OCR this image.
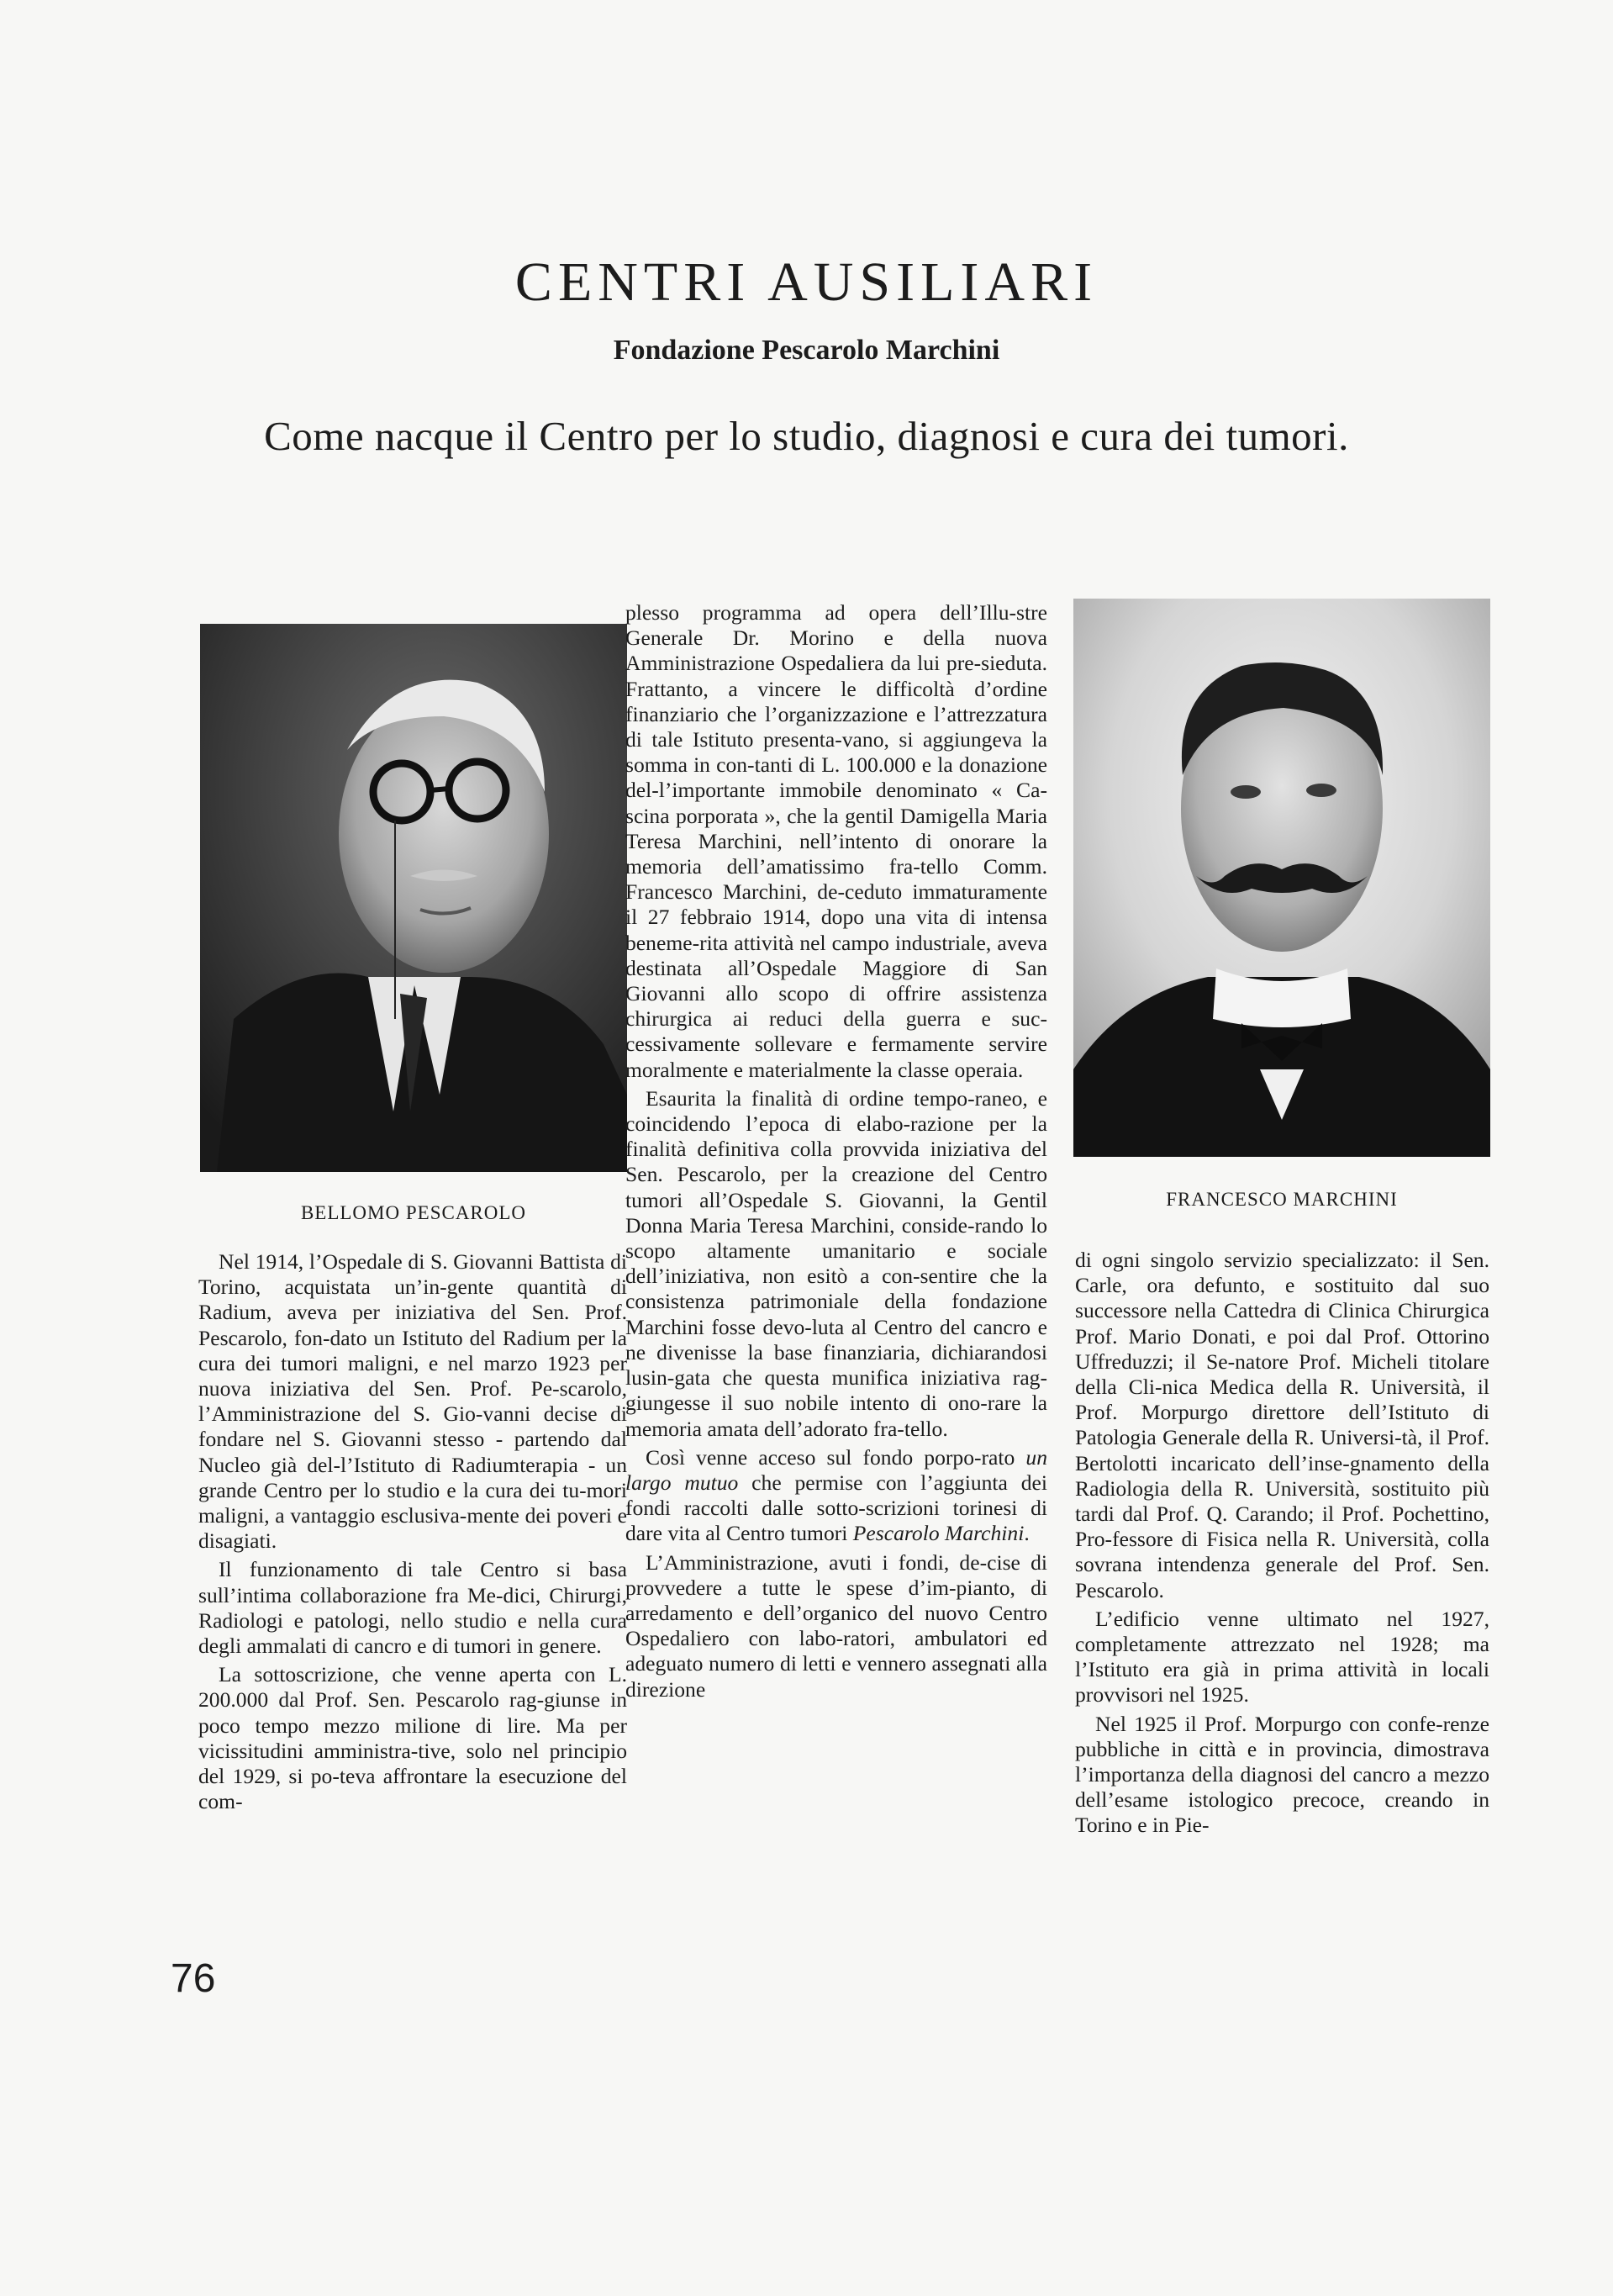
CENTRI AUSILIARI
Fondazione Pescarolo Marchini
Come nacque il Centro per lo studio, diagnosi e cura dei tumori.
BELLOMO PESCAROLO
FRANCESCO MARCHINI

Nel 1914, l’Ospedale di S. Giovanni Battista di Torino, acquistata un’in-gente quantità di Radium, aveva per iniziativa del Sen. Prof. Pescarolo, fon-dato un Istituto del Radium per la cura dei tumori maligni, e nel marzo 1923 per nuova iniziativa del Sen. Prof. Pe-scarolo, l’Amministrazione del S. Gio-vanni decise di fondare nel S. Giovanni stesso - partendo dal Nucleo già del-l’Istituto di Radiumterapia - un grande Centro per lo studio e la cura dei tu-mori maligni, a vantaggio esclusiva-mente dei poveri e disagiati.

Il funzionamento di tale Centro si basa sull’intima collaborazione fra Me-dici, Chirurgi, Radiologi e patologi, nello studio e nella cura degli ammalati di cancro e di tumori in genere.

La sottoscrizione, che venne aperta con L. 200.000 dal Prof. Sen. Pescarolo rag-giunse in poco tempo mezzo milione di lire. Ma per vicissitudini amministra-tive, solo nel principio del 1929, si po-teva affrontare la esecuzione del com-

plesso programma ad opera dell’Illu-stre Generale Dr. Morino e della nuova Amministrazione Ospedaliera da lui pre-sieduta. Frattanto, a vincere le difficoltà d’ordine finanziario che l’organizzazione e l’attrezzatura di tale Istituto presenta-vano, si aggiungeva la somma in con-tanti di L. 100.000 e la donazione del-l’importante immobile denominato « Ca-scina porporata », che la gentil Damigella Maria Teresa Marchini, nell’intento di onorare la memoria dell’amatissimo fra-tello Comm. Francesco Marchini, de-ceduto immaturamente il 27 febbraio 1914, dopo una vita di intensa beneme-rita attività nel campo industriale, aveva destinata all’Ospedale Maggiore di San Giovanni allo scopo di offrire assistenza chirurgica ai reduci della guerra e suc-cessivamente sollevare e fermamente servire moralmente e materialmente la classe operaia.

Esaurita la finalità di ordine tempo-raneo, e coincidendo l’epoca di elabo-razione per la finalità definitiva colla provvida iniziativa del Sen. Pescarolo, per la creazione del Centro tumori all’Ospedale S. Giovanni, la Gentil Donna Maria Teresa Marchini, conside-rando lo scopo altamente umanitario e sociale dell’iniziativa, non esitò a con-sentire che la consistenza patrimoniale della fondazione Marchini fosse devo-luta al Centro del cancro e ne divenisse la base finanziaria, dichiarandosi lusin-gata che questa munifica iniziativa rag-giungesse il suo nobile intento di ono-rare la memoria amata dell’adorato fra-tello.

Così venne acceso sul fondo porpo-rato un largo mutuo che permise con l’aggiunta dei fondi raccolti dalle sotto-scrizioni torinesi di dare vita al Centro tumori Pescarolo Marchini.

L’Amministrazione, avuti i fondi, de-cise di provvedere a tutte le spese d’im-pianto, di arredamento e dell’organico del nuovo Centro Ospedaliero con labo-ratori, ambulatori ed adeguato numero di letti e vennero assegnati alla direzione

di ogni singolo servizio specializzato: il Sen. Carle, ora defunto, e sostituito dal suo successore nella Cattedra di Clinica Chirurgica Prof. Mario Donati, e poi dal Prof. Ottorino Uffreduzzi; il Se-natore Prof. Micheli titolare della Cli-nica Medica della R. Università, il Prof. Morpurgo direttore dell’Istituto di Patologia Generale della R. Universi-tà, il Prof. Bertolotti incaricato dell’inse-gnamento della Radiologia della R. Università, sostituito più tardi dal Prof. Q. Carando; il Prof. Pochettino, Pro-fessore di Fisica nella R. Università, colla sovrana intendenza generale del Prof. Sen. Pescarolo.

L’edificio venne ultimato nel 1927, completamente attrezzato nel 1928; ma l’Istituto era già in prima attività in locali provvisori nel 1925.

Nel 1925 il Prof. Morpurgo con confe-renze pubbliche in città e in provincia, dimostrava l’importanza della diagnosi del cancro a mezzo dell’esame istologico precoce, creando in Torino e in Pie-

76
